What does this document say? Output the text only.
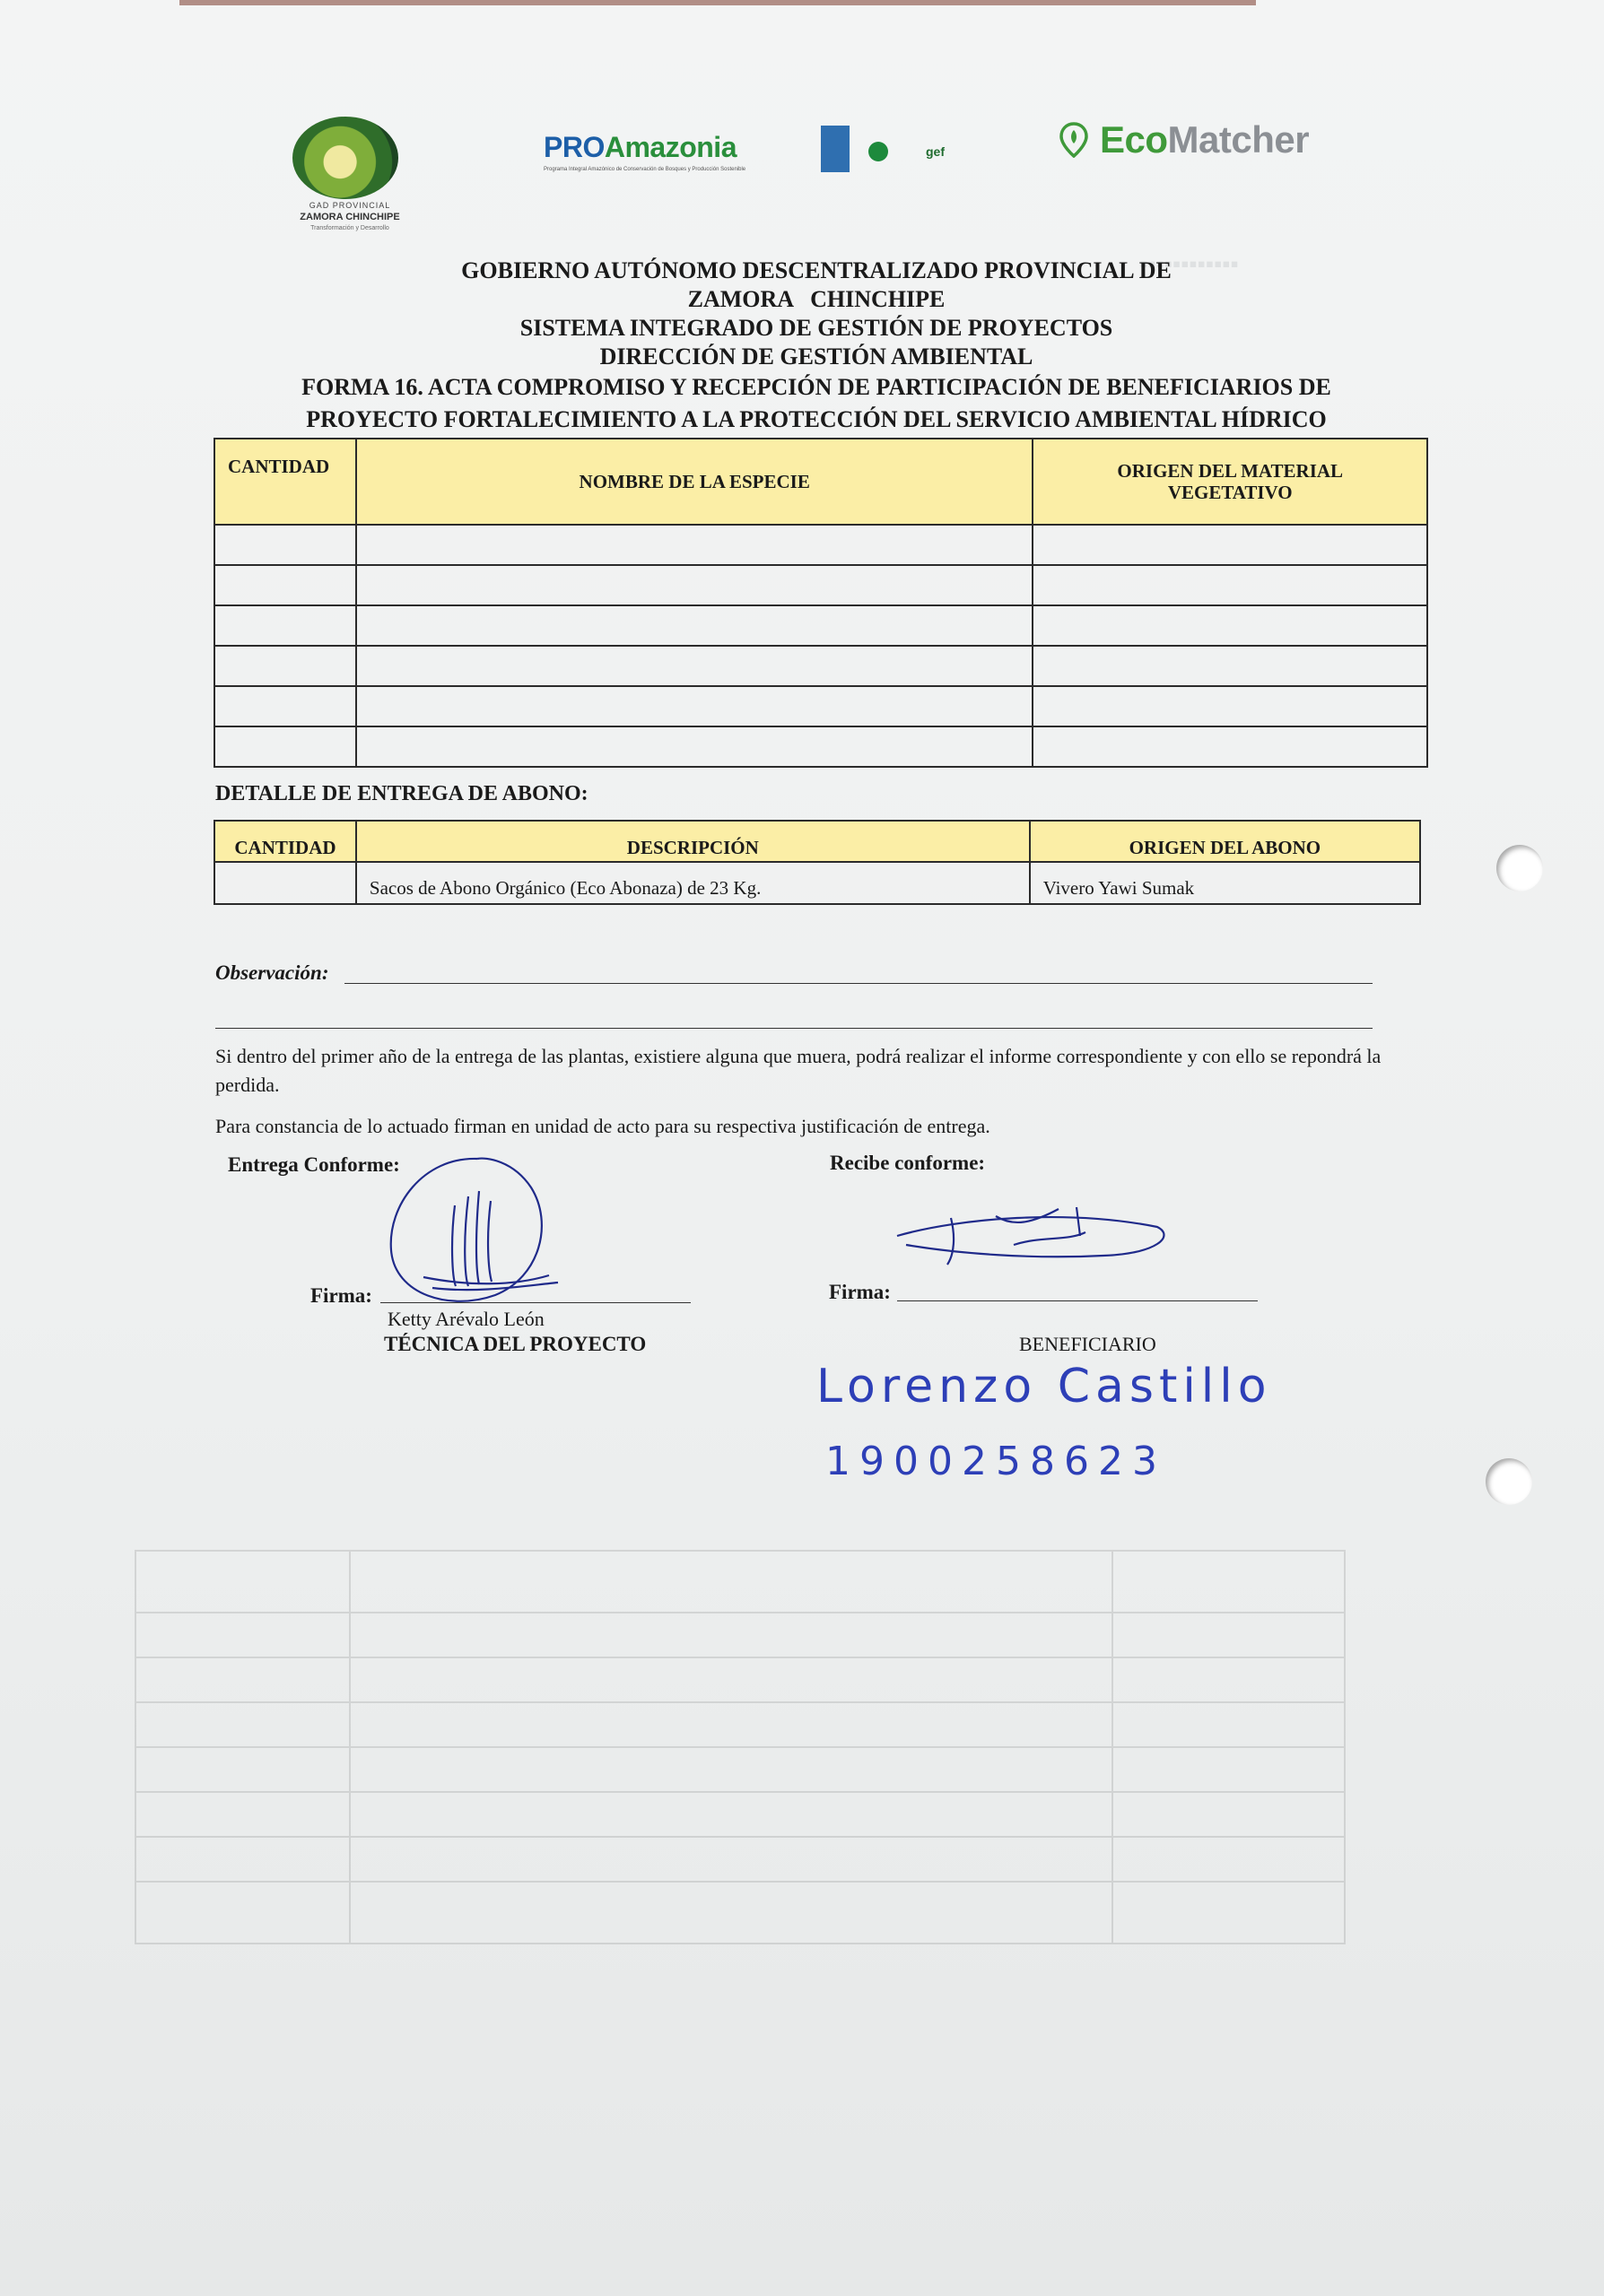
▪▪▪▪▪▪▪▪▪▪▪▪
GAD PROVINCIAL
ZAMORA CHINCHIPE
Transformación y Desarrollo
PROAmazonia
Programa Integral Amazónico de Conservación de Bosques y Producción Sostenible
gef	EcoMatcher
GOBIERNO AUTÓNOMO DESCENTRALIZADO PROVINCIAL DE
ZAMORA   CHINCHIPE
SISTEMA INTEGRADO DE GESTIÓN DE PROYECTOS
DIRECCIÓN DE GESTIÓN AMBIENTAL
FORMA 16. ACTA COMPROMISO Y RECEPCIÓN DE PARTICIPACIÓN DE BENEFICIARIOS DE
PROYECTO FORTALECIMIENTO A LA PROTECCIÓN DEL SERVICIO AMBIENTAL HÍDRICO
CANTIDAD	NOMBRE DE LA ESPECIE	ORIGEN DEL MATERIAL VEGETATIVO

DETALLE DE ENTREGA DE ABONO:
CANTIDAD	DESCRIPCIÓN	ORIGEN DEL ABONO
	Sacos de Abono Orgánico (Eco Abonaza) de 23 Kg.	Vivero Yawi Sumak
Observación:
Si dentro del primer año de la entrega de las plantas, existiere alguna que muera, podrá realizar el informe correspondiente y con ello se repondrá la perdida.
Para constancia de lo actuado firman en unidad de acto para su respectiva justificación de entrega.
Entrega Conforme:	Recibe conforme:
Firma:	Firma:
Ketty Arévalo León
TÉCNICA DEL PROYECTO	BENEFICIARIO
Lorenzo Castillo
1900258623
